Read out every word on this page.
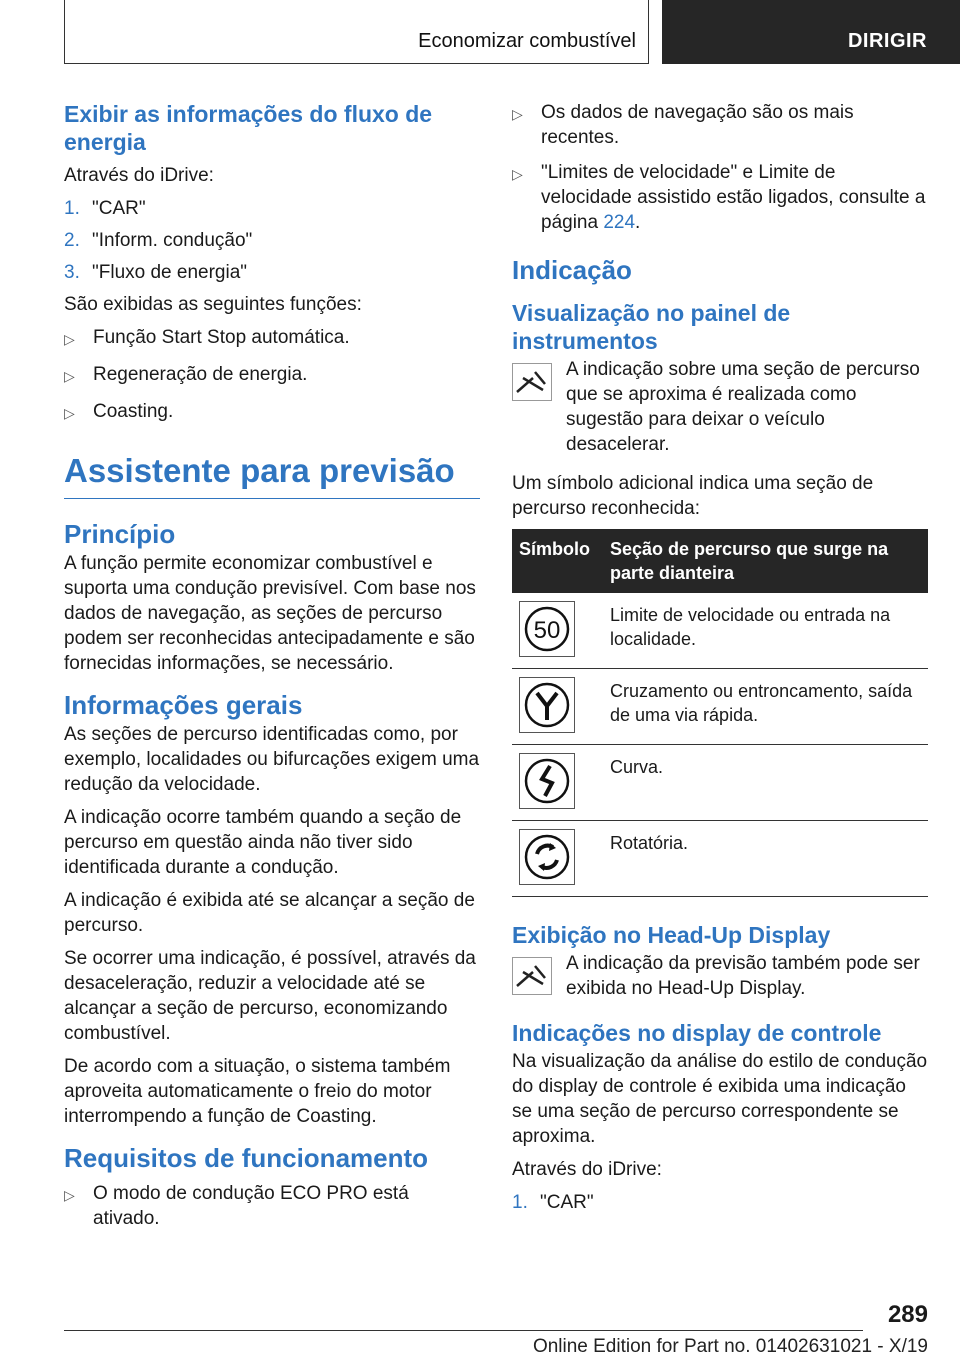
Economizar combustível	DIRIGIR
Exibir as informações do fluxo de energia

Através do iDrive:

1. "CAR"
2. "Inform. condução"
3. "Fluxo de energia"

São exibidas as seguintes funções:

▷ Função Start Stop automática.
▷ Regeneração de energia.
▷ Coasting.
Assistente para previsão
Princípio

A função permite economizar combustível e suporta uma condução previsível. Com base nos dados de navegação, as seções de percurso podem ser reconhecidas antecipadamente e são fornecidas informações, se necessário.

Informações gerais

As seções de percurso identificadas como, por exemplo, localidades ou bifurcações exigem uma redução da velocidade.

A indicação ocorre também quando a seção de percurso em questão ainda não tiver sido identificada durante a condução.

A indicação é exibida até se alcançar a seção de percurso.

Se ocorrer uma indicação, é possível, através da desaceleração, reduzir a velocidade até se alcançar a seção de percurso, economizando combustível.

De acordo com a situação, o sistema também aproveita automaticamente o freio do motor interrompendo a função de Coasting.

Requisitos de funcionamento
▷ O modo de condução ECO PRO está ativado.
▷ Os dados de navegação são os mais recentes.
▷ "Limites de velocidade" e Limite de velocidade assistido estão ligados, consulte a página 224.
Indicação
Visualização no painel de instrumentos
A indicação sobre uma seção de percurso que se aproxima é realizada como sugestão para deixar o veículo desacelerar.

Um símbolo adicional indica uma seção de percurso reconhecida:

Símbolo	Seção de percurso que surge na parte dianteira

50	Limite de velocidade ou entrada na localidade.

	Cruzamento ou entroncamento, saída de uma via rápida.

	Curva.

	Rotatória.
Exibição no Head-Up Display
A indicação da previsão também pode ser exibida no Head-Up Display.
Indicações no display de controle

Na visualização da análise do estilo de condução do display de controle é exibida uma indicação se uma seção de percurso correspondente se aproxima.

Através do iDrive:

1. "CAR"
289
Online Edition for Part no. 01402631021 - X/19
